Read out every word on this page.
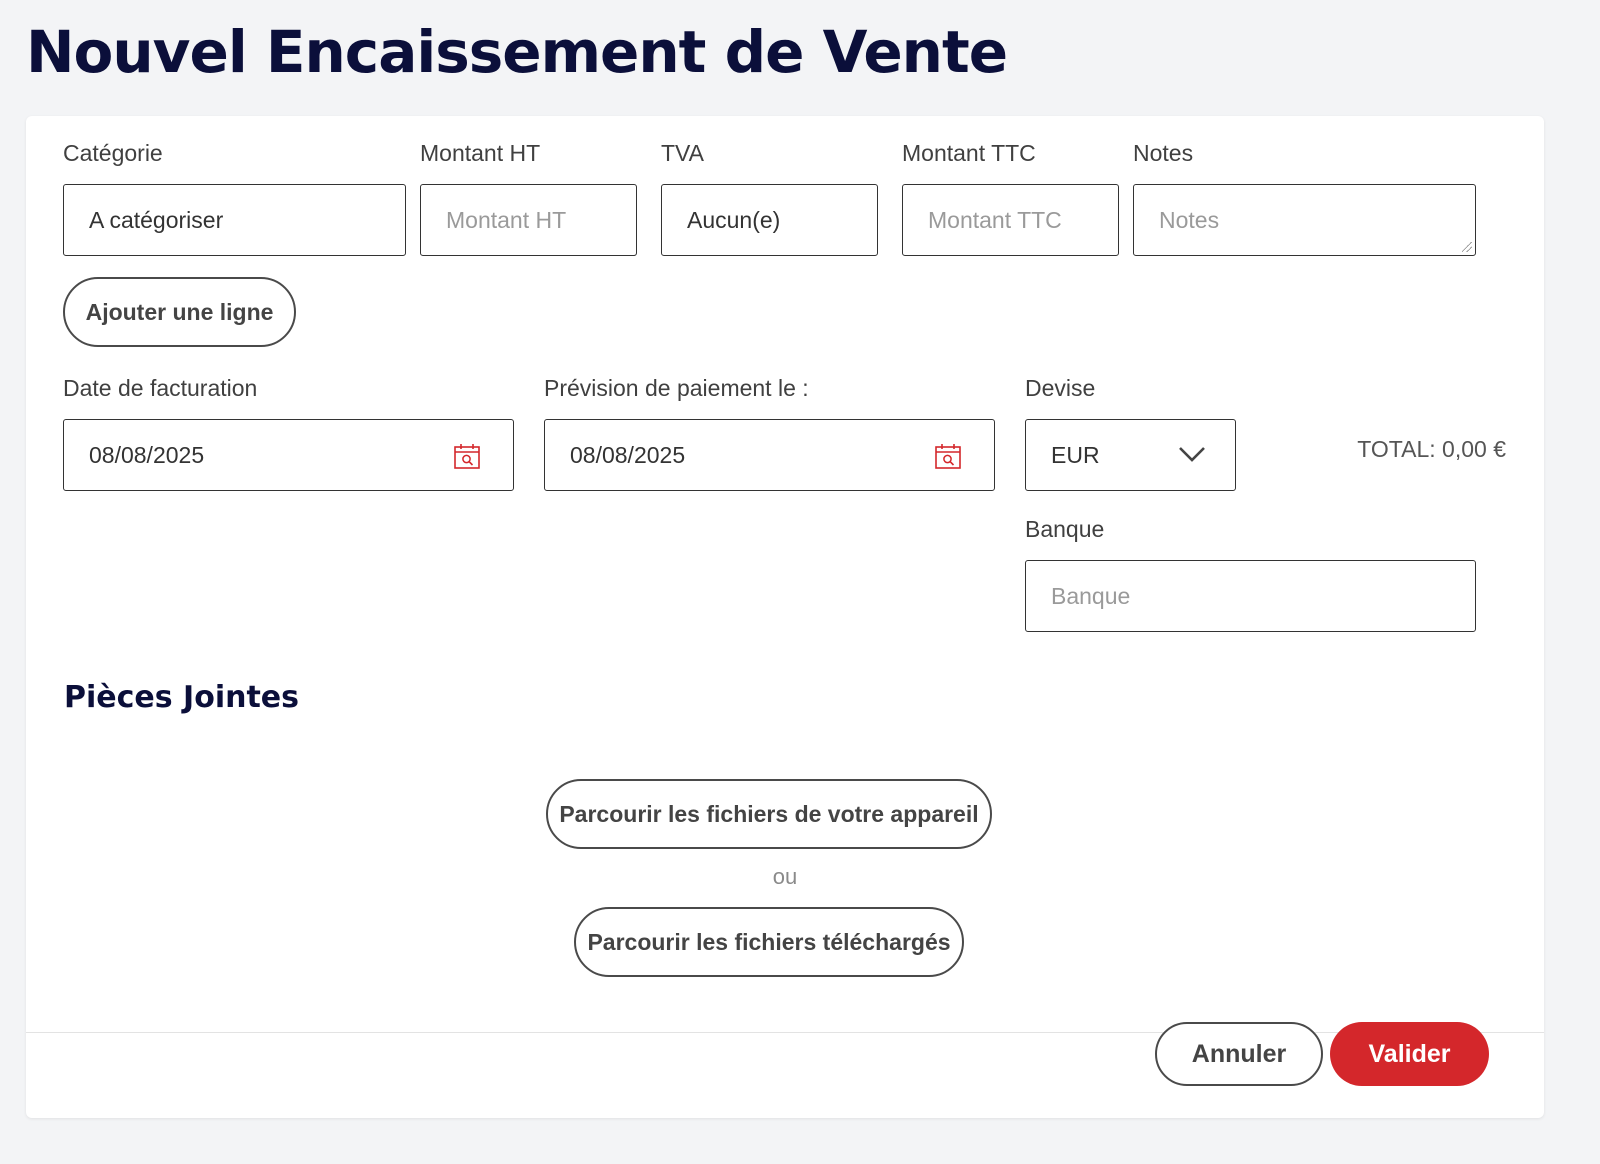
Nouvel Encaissement de Vente
Catégorie	Montant HT	TVA	Montant TTC	Notes
A catégoriser	Montant HT	Aucun(e)	Montant TTC	Notes
Ajouter une ligne
Date de facturation	Prévision de paiement le :	Devise
08/08/2025	08/08/2025	EUR	TOTAL: 0,00 €
Banque
Banque
Pièces Jointes
Parcourir les fichiers de votre appareil
ou
Parcourir les fichiers téléchargés
Annuler	Valider
